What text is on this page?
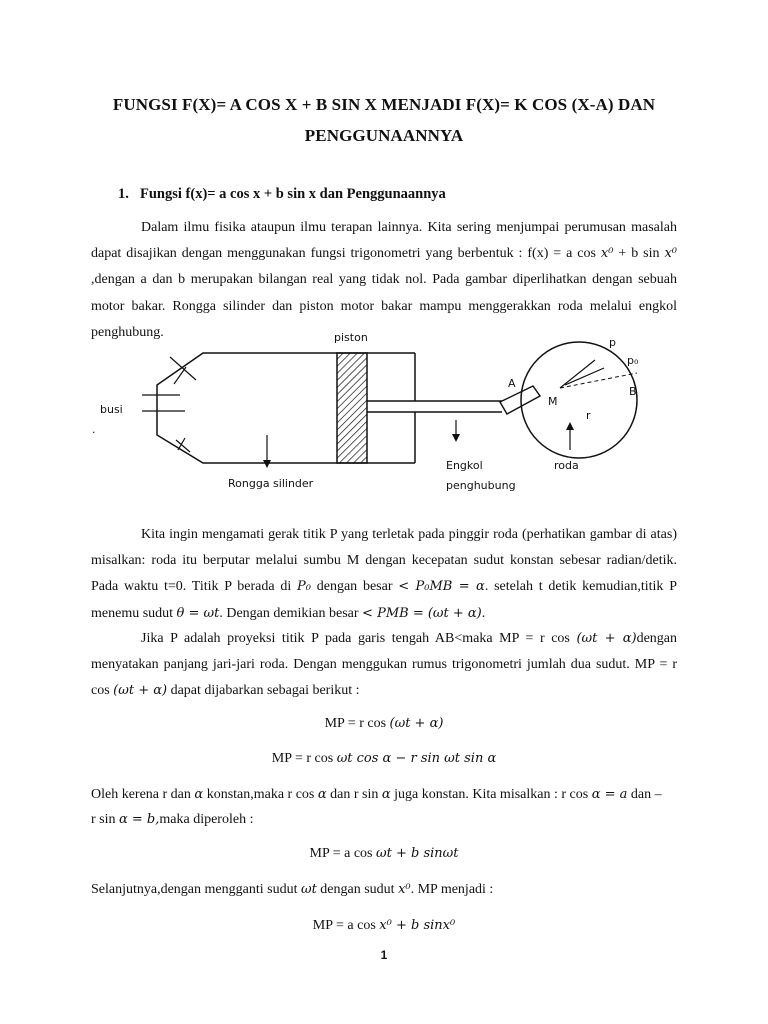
FUNGSI F(X)= A COS X + B SIN X MENJADI F(X)= K COS (X-A) DAN
PENGGUNAANNYA
1. Fungsi f(x)= a cos x + b sin x dan Penggunaannya

Dalam ilmu fisika ataupun ilmu terapan lainnya. Kita sering menjumpai perumusan masalah dapat disajikan dengan menggunakan fungsi trigonometri yang berbentuk : f(x) = a cos x⁰ + b sin x⁰ ,dengan a dan b merupakan bilangan real yang tidak nol. Pada gambar diperlihatkan dengan sebuah motor bakar. Rongga silinder dan piston motor bakar mampu menggerakkan roda melalui engkol penghubung.	piston
busi
.
Rongga silinder
Engkol
penghubung
roda
A
M
B
r
p
p₀

Kita ingin mengamati gerak titik P yang terletak pada pinggir roda (perhatikan gambar di atas) misalkan: roda itu berputar melalui sumbu M dengan kecepatan sudut konstan sebesar radian/detik. Pada waktu t=0. Titik P berada di P₀ dengan besar < P₀MB = α. setelah t detik kemudian,titik P menemu sudut θ = ωt. Dengan demikian besar < PMB = (ωt + α).

Jika P adalah proyeksi titik P pada garis tengah AB<maka MP = r cos (ωt + α)dengan menyatakan panjang jari-jari roda. Dengan menggukan rumus trigonometri jumlah dua sudut. MP = r cos (ωt + α) dapat dijabarkan sebagai berikut :

MP = r cos (ωt + α)
MP = r cos ωt cos α − r sin ωt sin α
Oleh kerena r dan α konstan,maka r cos α dan r sin α juga konstan. Kita misalkan : r cos α = a dan –
r sin α = b,maka diperoleh :
MP = a cos ωt + b sinωt
Selanjutnya,dengan mengganti sudut ωt dengan sudut x⁰. MP menjadi :
MP = a cos x⁰ + b sinx⁰
1
